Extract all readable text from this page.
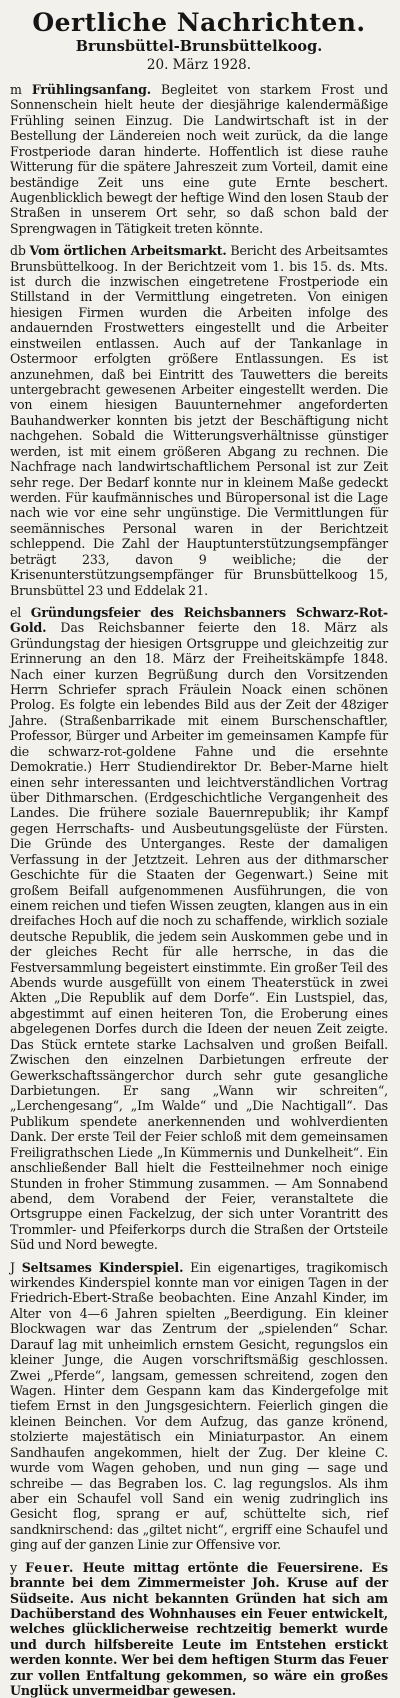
Oertliche Nachrichten.
Brunsbüttel-Brunsbüttelkoog.
20. März 1928.

m Frühlingsanfang. Begleitet von starkem Frost und Sonnenschein hielt heute der diesjährige kalendermäßige Frühling seinen Einzug. Die Landwirtschaft ist in der Bestellung der Ländereien noch weit zurück, da die lange Frostperiode daran hinderte. Hoffentlich ist diese rauhe Witterung für die spätere Jahreszeit zum Vorteil, damit eine beständige Zeit uns eine gute Ernte beschert. Augenblicklich bewegt der heftige Wind den losen Staub der Straßen in unserem Ort sehr, so daß schon bald der Sprengwagen in Tätigkeit treten könnte.

db Vom örtlichen Arbeitsmarkt. Bericht des Arbeitsamtes Brunsbüttelkoog. In der Berichtzeit vom 1. bis 15. ds. Mts. ist durch die inzwischen eingetretene Frostperiode ein Stillstand in der Vermittlung eingetreten. Von einigen hiesigen Firmen wurden die Arbeiten infolge des andauernden Frostwetters eingestellt und die Arbeiter einstweilen entlassen. Auch auf der Tankanlage in Ostermoor erfolgten größere Entlassungen. Es ist anzunehmen, daß bei Eintritt des Tauwetters die bereits untergebracht gewesenen Arbeiter eingestellt werden. Die von einem hiesigen Bauunternehmer angeforderten Bauhandwerker konnten bis jetzt der Beschäftigung nicht nachgehen. Sobald die Witterungsverhältnisse günstiger werden, ist mit einem größeren Abgang zu rechnen. Die Nachfrage nach landwirtschaftlichem Personal ist zur Zeit sehr rege. Der Bedarf konnte nur in kleinem Maße gedeckt werden. Für kaufmännisches und Büropersonal ist die Lage nach wie vor eine sehr ungünstige. Die Vermittlungen für seemännisches Personal waren in der Berichtzeit schleppend. Die Zahl der Hauptunterstützungsempfänger beträgt 233, davon 9 weibliche; die der Krisenunterstützungsempfänger für Brunsbüttelkoog 15, Brunsbüttel 23 und Eddelak 21.

el Gründungsfeier des Reichsbanners Schwarz-Rot-Gold. Das Reichsbanner feierte den 18. März als Gründungstag der hiesigen Ortsgruppe und gleichzeitig zur Erinnerung an den 18. März der Freiheitskämpfe 1848. Nach einer kurzen Begrüßung durch den Vorsitzenden Herrn Schriefer sprach Fräulein Noack einen schönen Prolog. Es folgte ein lebendes Bild aus der Zeit der 48ziger Jahre. (Straßenbarrikade mit einem Burschenschaftler, Professor, Bürger und Arbeiter im gemeinsamen Kampfe für die schwarz-rot-goldene Fahne und die ersehnte Demokratie.) Herr Studiendirektor Dr. Beber-Marne hielt einen sehr interessanten und leichtverständlichen Vortrag über Dithmarschen. (Erdgeschichtliche Vergangenheit des Landes. Die frühere soziale Bauernrepublik; ihr Kampf gegen Herrschafts- und Ausbeutungsgelüste der Fürsten. Die Gründe des Unterganges. Reste der damaligen Verfassung in der Jetztzeit. Lehren aus der dithmarscher Geschichte für die Staaten der Gegenwart.) Seine mit großem Beifall aufgenommenen Ausführungen, die von einem reichen und tiefen Wissen zeugten, klangen aus in ein dreifaches Hoch auf die noch zu schaffende, wirklich soziale deutsche Republik, die jedem sein Auskommen gebe und in der gleiches Recht für alle herrsche, in das die Festversammlung begeistert einstimmte. Ein großer Teil des Abends wurde ausgefüllt von einem Theaterstück in zwei Akten „Die Republik auf dem Dorfe“. Ein Lustspiel, das, abgestimmt auf einen heiteren Ton, die Eroberung eines abgelegenen Dorfes durch die Ideen der neuen Zeit zeigte. Das Stück erntete starke Lachsalven und großen Beifall. Zwischen den einzelnen Darbietungen erfreute der Gewerkschaftssängerchor durch sehr gute gesangliche Darbietungen. Er sang „Wann wir schreiten“, „Lerchengesang“, „Im Walde“ und „Die Nachtigall“. Das Publikum spendete anerkennenden und wohlverdienten Dank. Der erste Teil der Feier schloß mit dem gemeinsamen Freiligrathschen Liede „In Kümmernis und Dunkelheit“. Ein anschließender Ball hielt die Festteilnehmer noch einige Stunden in froher Stimmung zusammen. — Am Sonnabend abend, dem Vorabend der Feier, veranstaltete die Ortsgruppe einen Fackelzug, der sich unter Vorantritt des Trommler- und Pfeiferkorps durch die Straßen der Ortsteile Süd und Nord bewegte.

J Seltsames Kinderspiel. Ein eigenartiges, tragikomisch wirkendes Kinderspiel konnte man vor einigen Tagen in der Friedrich-Ebert-Straße beobachten. Eine Anzahl Kinder, im Alter von 4—6 Jahren spielten „Beerdigung. Ein kleiner Blockwagen war das Zentrum der „spielenden“ Schar. Darauf lag mit unheimlich ernstem Gesicht, regungslos ein kleiner Junge, die Augen vorschriftsmäßig geschlossen. Zwei „Pferde“, langsam, gemessen schreitend, zogen den Wagen. Hinter dem Gespann kam das Kindergefolge mit tiefem Ernst in den Jungsgesichtern. Feierlich gingen die kleinen Beinchen. Vor dem Aufzug, das ganze krönend, stolzierte majestätisch ein Miniaturpastor. An einem Sandhaufen angekommen, hielt der Zug. Der kleine C. wurde vom Wagen gehoben, und nun ging — sage und schreibe — das Begraben los. C. lag regungslos. Als ihm aber ein Schaufel voll Sand ein wenig zudringlich ins Gesicht flog, sprang er auf, schüttelte sich, rief sandknirschend: das „giltet nicht“, ergriff eine Schaufel und ging auf der ganzen Linie zur Offensive vor.

y Feuer. Heute mittag ertönte die Feuersirene. Es brannte bei dem Zimmermeister Joh. Kruse auf der Südseite. Aus nicht bekannten Gründen hat sich am Dachüberstand des Wohnhauses ein Feuer entwickelt, welches glücklicherweise rechtzeitig bemerkt wurde und durch hilfsbereite Leute im Entstehen erstickt werden konnte. Wer bei dem heftigen Sturm das Feuer zur vollen Entfaltung gekommen, so wäre ein großes Unglück unvermeidbar gewesen.
